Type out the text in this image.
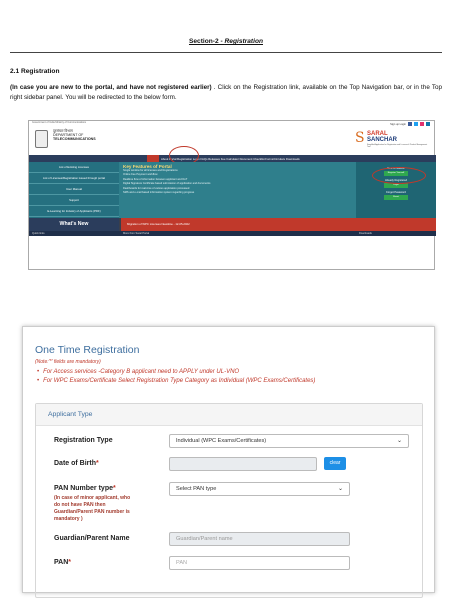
Section-2 - Registration
2.1 Registration
(In case you are new to the portal, and have not registered earlier) . Click on the Registration link, available on the Top Navigation bar, or in the Top right sidebar panel. You will be redirected to the below form.
Government of India Ministry of Communications
दूरसंचार विभाग
DEPARTMENT OF
TELECOMMUNICATIONS
Sign up Login
S SARAL
SANCHAR
Simplified Application for Registration and Licenses & Product Management Tool
About Portal Registration Login FAQs Releases Fee Calculator Document Checklist Forms/Circulars Downloads
List of Existing Licenses
List of Licenses/Registration issued through portal
User Manual
Support
E-Learning for Industry of Applicants (PDF)
Key Features of Portal
Single window for all licenses and Registrations
Online Fee Payment workflow
Realtime flow of information between applicant and DoT
Digital Signature Certificate based submission of application and documents
Dashboards for real-time of various application processed
SMS and e-mail based information system regarding progress
New to SARAL
Register Yourself
Already Registered
Login
Forgot Password
Reset
What's New	Migration of WPC Licenses Newsline - 12-05-2022
Quick links	More from Saral Portal	Downloads
One Time Registration
(Note:'*' fields are mandatory)
• For Access services -Category B applicant need to APPLY under UL-VNO
• For WPC Exams/Certificate Select Registration Type Category as Individual (WPC Exams/Certificates)
Applicant Type
Registration Type	Individual (WPC Exams/Certificates)	⌄
Date of Birth*	clear
PAN Number type*	Select PAN type	⌄
(In case of minor applicant, who do not have PAN then Guardian/Parent PAN number is mandatory )
Guardian/Parent Name	Guardian/Parent name
PAN*	PAN
